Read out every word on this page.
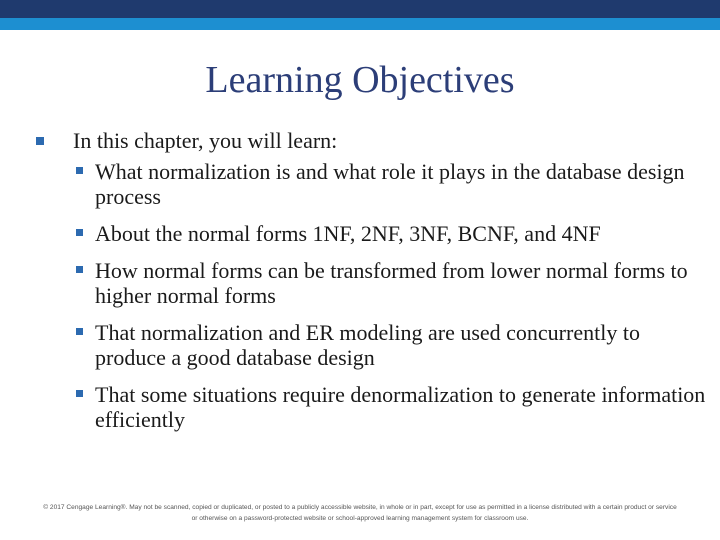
Learning Objectives
In this chapter, you will learn:
What normalization is and what role it plays in the database design process
About the normal forms 1NF, 2NF, 3NF, BCNF, and 4NF
How normal forms can be transformed from lower normal forms to higher normal forms
That normalization and ER modeling are used concurrently to produce a good database design
That some situations require denormalization to generate information efficiently
© 2017 Cengage Learning®. May not be scanned, copied or duplicated, or posted to a publicly accessible website, in whole or in part, except for use as permitted in a license distributed with a certain product or service or otherwise on a password-protected website or school-approved learning management system for classroom use.
